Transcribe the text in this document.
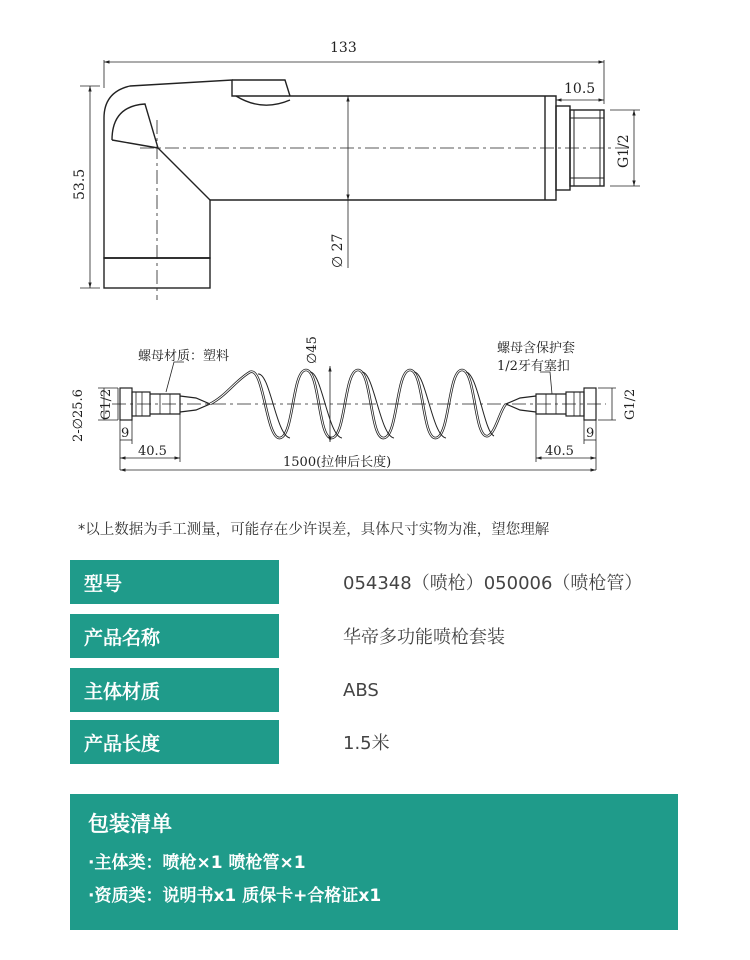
133
53.5
10.5
G1/2
∅ 27
螺母材质：塑料
螺母含保护套
1/2牙有塞扣
∅45
2-∅25.6 G1/2	G1/2
9
40.5
9
40.5
1500(拉伸后长度)
*以上数据为手工测量，可能存在少许误差，具体尺寸实物为准，望您理解
型号	054348（喷枪）050006（喷枪管）
产品名称	华帝多功能喷枪套装
主体材质	ABS
产品长度	1.5米
包装清单
·主体类：喷枪×1 喷枪管×1
·资质类：说明书x1 质保卡+合格证x1
